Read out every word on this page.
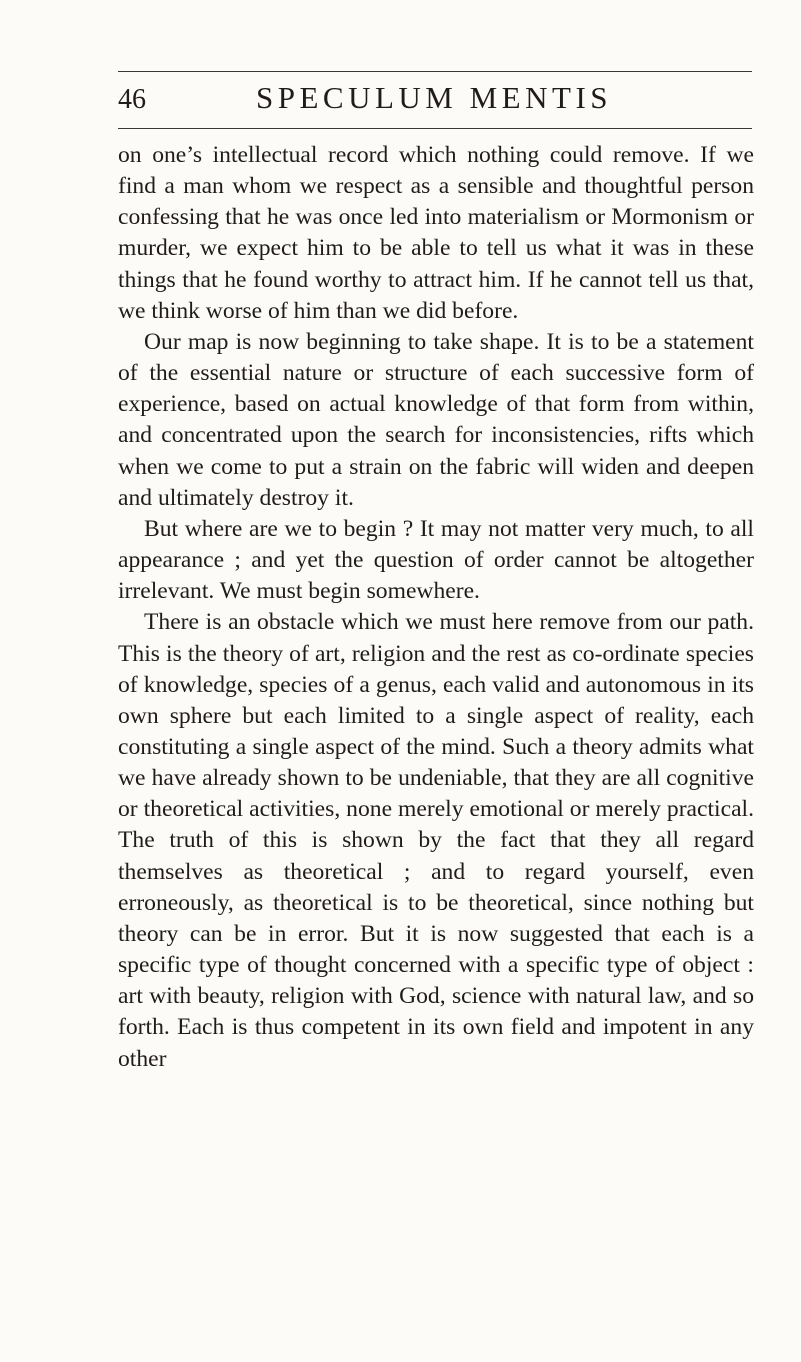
46	SPECULUM MENTIS

on one’s intellectual record which nothing could remove. If we find a man whom we respect as a sensible and thoughtful person confessing that he was once led into materialism or Mormonism or murder, we expect him to be able to tell us what it was in these things that he found worthy to attract him. If he cannot tell us that, we think worse of him than we did before.

Our map is now beginning to take shape. It is to be a statement of the essential nature or structure of each successive form of experience, based on actual knowledge of that form from within, and concentrated upon the search for inconsistencies, rifts which when we come to put a strain on the fabric will widen and deepen and ultimately destroy it.

But where are we to begin ? It may not matter very much, to all appearance ; and yet the question of order cannot be altogether irrelevant. We must begin somewhere.

There is an obstacle which we must here remove from our path. This is the theory of art, religion and the rest as co-ordinate species of knowledge, species of a genus, each valid and autonomous in its own sphere but each limited to a single aspect of reality, each constituting a single aspect of the mind. Such a theory admits what we have already shown to be undeniable, that they are all cognitive or theoretical activities, none merely emotional or merely practical. The truth of this is shown by the fact that they all regard themselves as theoretical ; and to regard yourself, even erroneously, as theoretical is to be theoretical, since nothing but theory can be in error. But it is now suggested that each is a specific type of thought concerned with a specific type of object : art with beauty, religion with God, science with natural law, and so forth. Each is thus competent in its own field and impotent in any other
